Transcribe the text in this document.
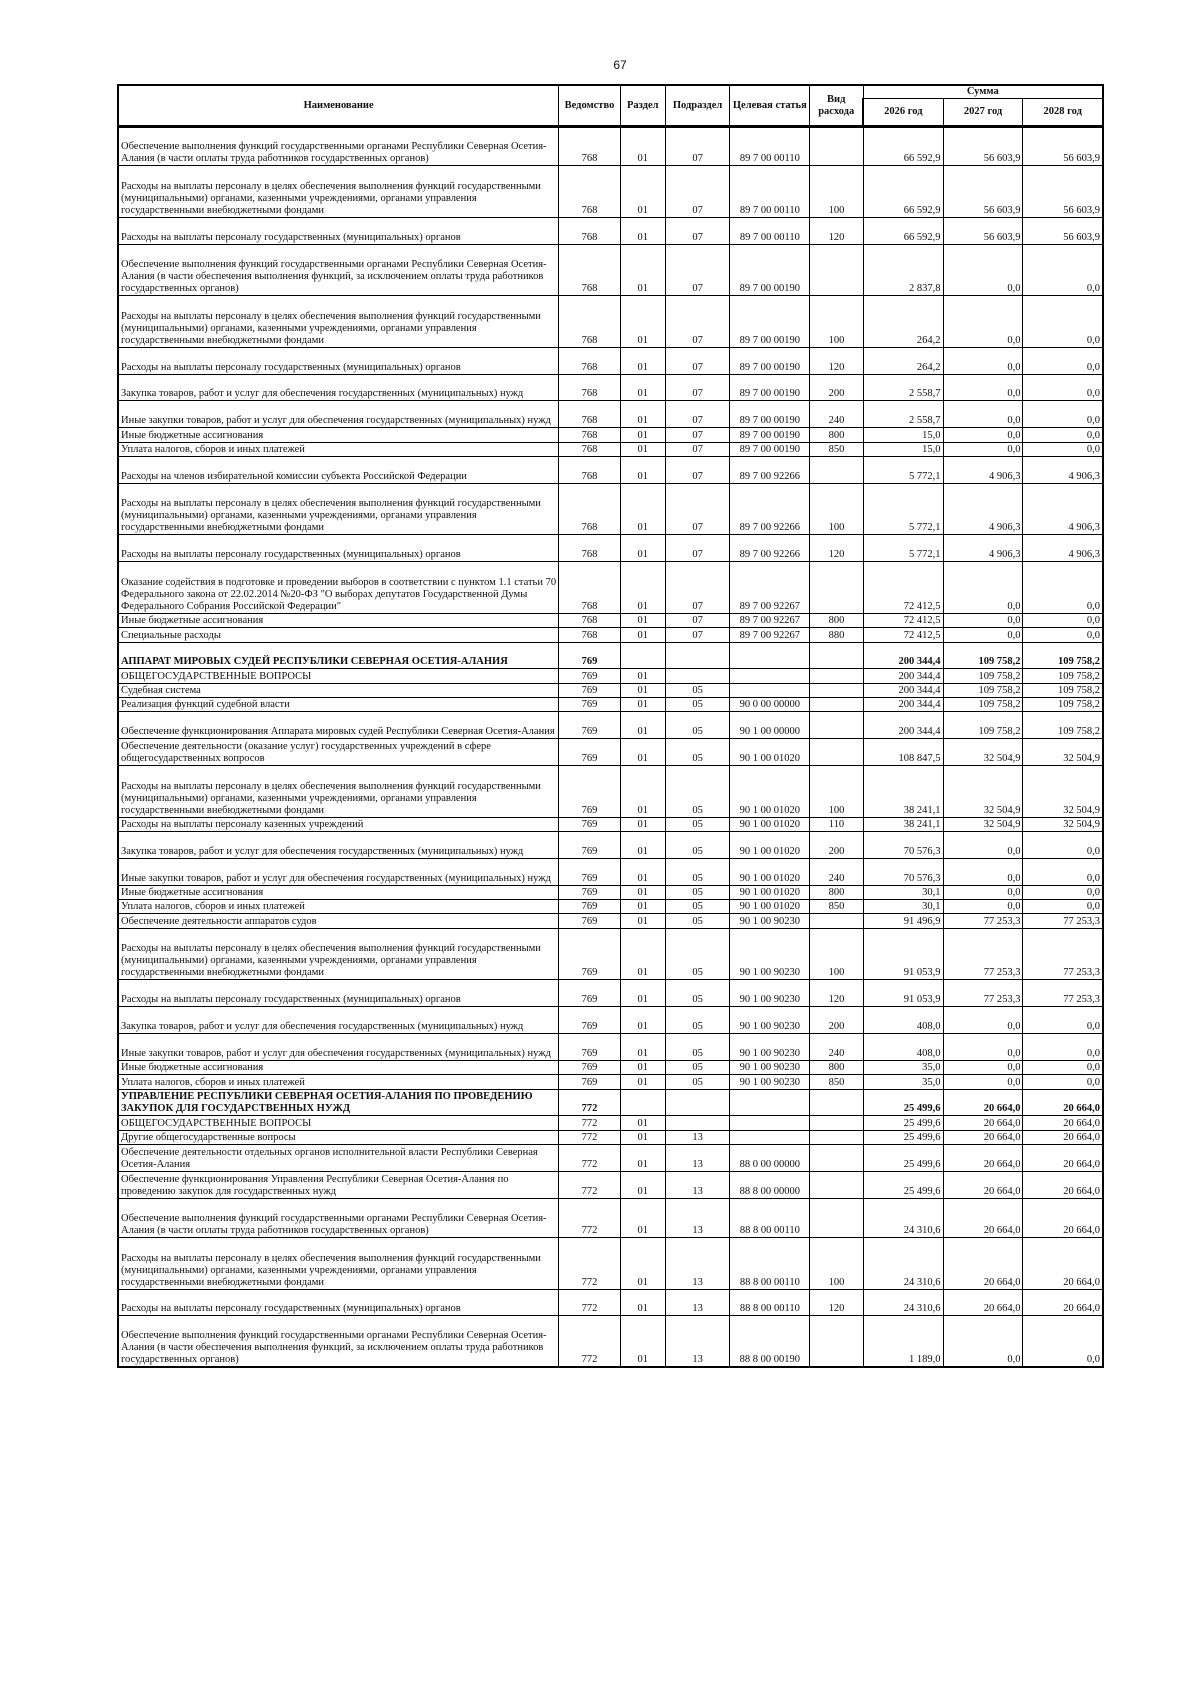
67
Наименование	Ведомство	Раздел	Подраздел	Целевая статья	Вид расхода	Сумма		
						2026 год	2027 год	2028 год
Обеспечение выполнения функций государственными органами Республики Северная Осетия-Алания (в части оплаты труда работников государственных органов)	768	01	07	89 7 00 00110		66 592,9	56 603,9	56 603,9
Расходы на выплаты персоналу в целях обеспечения выполнения функций государственными (муниципальными) органами, казенными учреждениями, органами управления государственными внебюджетными фондами	768	01	07	89 7 00 00110	100	66 592,9	56 603,9	56 603,9
Расходы на выплаты персоналу государственных (муниципальных) органов	768	01	07	89 7 00 00110	120	66 592,9	56 603,9	56 603,9
Обеспечение выполнения функций государственными органами Республики Северная Осетия-Алания (в части обеспечения выполнения функций, за исключением оплаты труда работников государственных органов)	768	01	07	89 7 00 00190		2 837,8	0,0	0,0
Расходы на выплаты персоналу в целях обеспечения выполнения функций государственными (муниципальными) органами, казенными учреждениями, органами управления государственными внебюджетными фондами	768	01	07	89 7 00 00190	100	264,2	0,0	0,0
Расходы на выплаты персоналу государственных (муниципальных) органов	768	01	07	89 7 00 00190	120	264,2	0,0	0,0
Закупка товаров, работ и услуг для обеспечения государственных (муниципальных) нужд	768	01	07	89 7 00 00190	200	2 558,7	0,0	0,0
Иные закупки товаров, работ и услуг для обеспечения государственных (муниципальных) нужд	768	01	07	89 7 00 00190	240	2 558,7	0,0	0,0
Иные бюджетные ассигнования	768	01	07	89 7 00 00190	800	15,0	0,0	0,0
Уплата налогов, сборов и иных платежей	768	01	07	89 7 00 00190	850	15,0	0,0	0,0
Расходы на членов избирательной комиссии субъекта Российской Федерации	768	01	07	89 7 00 92266		5 772,1	4 906,3	4 906,3
Расходы на выплаты персоналу в целях обеспечения выполнения функций государственными (муниципальными) органами, казенными учреждениями, органами управления государственными внебюджетными фондами	768	01	07	89 7 00 92266	100	5 772,1	4 906,3	4 906,3
Расходы на выплаты персоналу государственных (муниципальных) органов	768	01	07	89 7 00 92266	120	5 772,1	4 906,3	4 906,3
Оказание содействия в подготовке и проведении выборов в соответствии с пунктом 1.1 статьи 70 Федерального закона от 22.02.2014 №20-ФЗ "О выборах депутатов Государственной Думы Федерального Собрания Российской Федерации"	768	01	07	89 7 00 92267		72 412,5	0,0	0,0
Иные бюджетные ассигнования	768	01	07	89 7 00 92267	800	72 412,5	0,0	0,0
Специальные расходы	768	01	07	89 7 00 92267	880	72 412,5	0,0	0,0
АППАРАТ МИРОВЫХ СУДЕЙ РЕСПУБЛИКИ СЕВЕРНАЯ ОСЕТИЯ-АЛАНИЯ	769					200 344,4	109 758,2	109 758,2
ОБЩЕГОСУДАРСТВЕННЫЕ ВОПРОСЫ	769	01				200 344,4	109 758,2	109 758,2
Судебная система	769	01	05			200 344,4	109 758,2	109 758,2
Реализация функций судебной власти	769	01	05	90 0 00 00000		200 344,4	109 758,2	109 758,2
Обеспечение функционирования Аппарата мировых судей Республики Северная Осетия-Алания	769	01	05	90 1 00 00000		200 344,4	109 758,2	109 758,2
Обеспечение деятельности (оказание услуг) государственных учреждений в сфере общегосударственных вопросов	769	01	05	90 1 00 01020		108 847,5	32 504,9	32 504,9
Расходы на выплаты персоналу в целях обеспечения выполнения функций государственными (муниципальными) органами, казенными учреждениями, органами управления государственными внебюджетными фондами	769	01	05	90 1 00 01020	100	38 241,1	32 504,9	32 504,9
Расходы на выплаты персоналу казенных учреждений	769	01	05	90 1 00 01020	110	38 241,1	32 504,9	32 504,9
Закупка товаров, работ и услуг для обеспечения государственных (муниципальных) нужд	769	01	05	90 1 00 01020	200	70 576,3	0,0	0,0
Иные закупки товаров, работ и услуг для обеспечения государственных (муниципальных) нужд	769	01	05	90 1 00 01020	240	70 576,3	0,0	0,0
Иные бюджетные ассигнования	769	01	05	90 1 00 01020	800	30,1	0,0	0,0
Уплата налогов, сборов и иных платежей	769	01	05	90 1 00 01020	850	30,1	0,0	0,0
Обеспечение деятельности аппаратов судов	769	01	05	90 1 00 90230		91 496,9	77 253,3	77 253,3
Расходы на выплаты персоналу в целях обеспечения выполнения функций государственными (муниципальными) органами, казенными учреждениями, органами управления государственными внебюджетными фондами	769	01	05	90 1 00 90230	100	91 053,9	77 253,3	77 253,3
Расходы на выплаты персоналу государственных (муниципальных) органов	769	01	05	90 1 00 90230	120	91 053,9	77 253,3	77 253,3
Закупка товаров, работ и услуг для обеспечения государственных (муниципальных) нужд	769	01	05	90 1 00 90230	200	408,0	0,0	0,0
Иные закупки товаров, работ и услуг для обеспечения государственных (муниципальных) нужд	769	01	05	90 1 00 90230	240	408,0	0,0	0,0
Иные бюджетные ассигнования	769	01	05	90 1 00 90230	800	35,0	0,0	0,0
Уплата налогов, сборов и иных платежей	769	01	05	90 1 00 90230	850	35,0	0,0	0,0
УПРАВЛЕНИЕ РЕСПУБЛИКИ СЕВЕРНАЯ ОСЕТИЯ-АЛАНИЯ ПО ПРОВЕДЕНИЮ ЗАКУПОК ДЛЯ ГОСУДАРСТВЕННЫХ НУЖД	772					25 499,6	20 664,0	20 664,0
ОБЩЕГОСУДАРСТВЕННЫЕ ВОПРОСЫ	772	01				25 499,6	20 664,0	20 664,0
Другие общегосударственные вопросы	772	01	13			25 499,6	20 664,0	20 664,0
Обеспечение деятельности отдельных органов исполнительной власти Республики Северная Осетия-Алания	772	01	13	88 0 00 00000		25 499,6	20 664,0	20 664,0
Обеспечение функционирования Управления Республики Северная Осетия-Алания по проведению закупок для государственных нужд	772	01	13	88 8 00 00000		25 499,6	20 664,0	20 664,0
Обеспечение выполнения функций государственными органами Республики Северная Осетия-Алания (в части оплаты труда работников государственных органов)	772	01	13	88 8 00 00110		24 310,6	20 664,0	20 664,0
Расходы на выплаты персоналу в целях обеспечения выполнения функций государственными (муниципальными) органами, казенными учреждениями, органами управления государственными внебюджетными фондами	772	01	13	88 8 00 00110	100	24 310,6	20 664,0	20 664,0
Расходы на выплаты персоналу государственных (муниципальных) органов	772	01	13	88 8 00 00110	120	24 310,6	20 664,0	20 664,0
Обеспечение выполнения функций государственными органами Республики Северная Осетия-Алания (в части обеспечения выполнения функций, за исключением оплаты труда работников государственных органов)	772	01	13	88 8 00 00190		1 189,0	0,0	0,0
